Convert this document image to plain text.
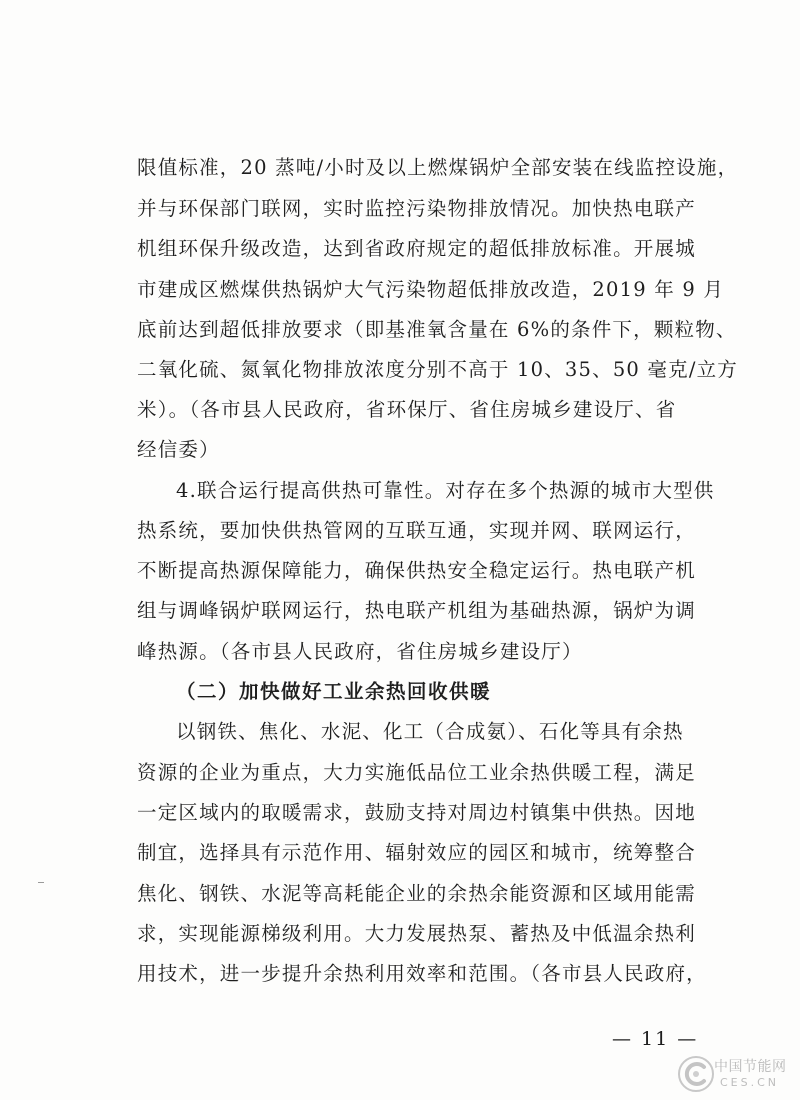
限值标准，20 蒸吨/小时及以上燃煤锅炉全部安装在线监控设施，
并与环保部门联网，实时监控污染物排放情况。加快热电联产
机组环保升级改造，达到省政府规定的超低排放标准。开展城
市建成区燃煤供热锅炉大气污染物超低排放改造，2019 年 9 月
底前达到超低排放要求（即基准氧含量在 6%的条件下，颗粒物、
二氧化硫、氮氧化物排放浓度分别不高于 10、35、50 毫克/立方
米）。（各市县人民政府，省环保厅、省住房城乡建设厅、省
经信委）
4.联合运行提高供热可靠性。对存在多个热源的城市大型供
热系统，要加快供热管网的互联互通，实现并网、联网运行，
不断提高热源保障能力，确保供热安全稳定运行。热电联产机
组与调峰锅炉联网运行，热电联产机组为基础热源，锅炉为调
峰热源。（各市县人民政府，省住房城乡建设厅）
（二）加快做好工业余热回收供暖
以钢铁、焦化、水泥、化工（合成氨）、石化等具有余热
资源的企业为重点，大力实施低品位工业余热供暖工程，满足
一定区域内的取暖需求，鼓励支持对周边村镇集中供热。因地
制宜，选择具有示范作用、辐射效应的园区和城市，统筹整合
焦化、钢铁、水泥等高耗能企业的余热余能资源和区域用能需
求，实现能源梯级利用。大力发展热泵、蓄热及中低温余热利
用技术，进一步提升余热利用效率和范围。（各市县人民政府，
— 11 —
中国节能网
CES.CN
